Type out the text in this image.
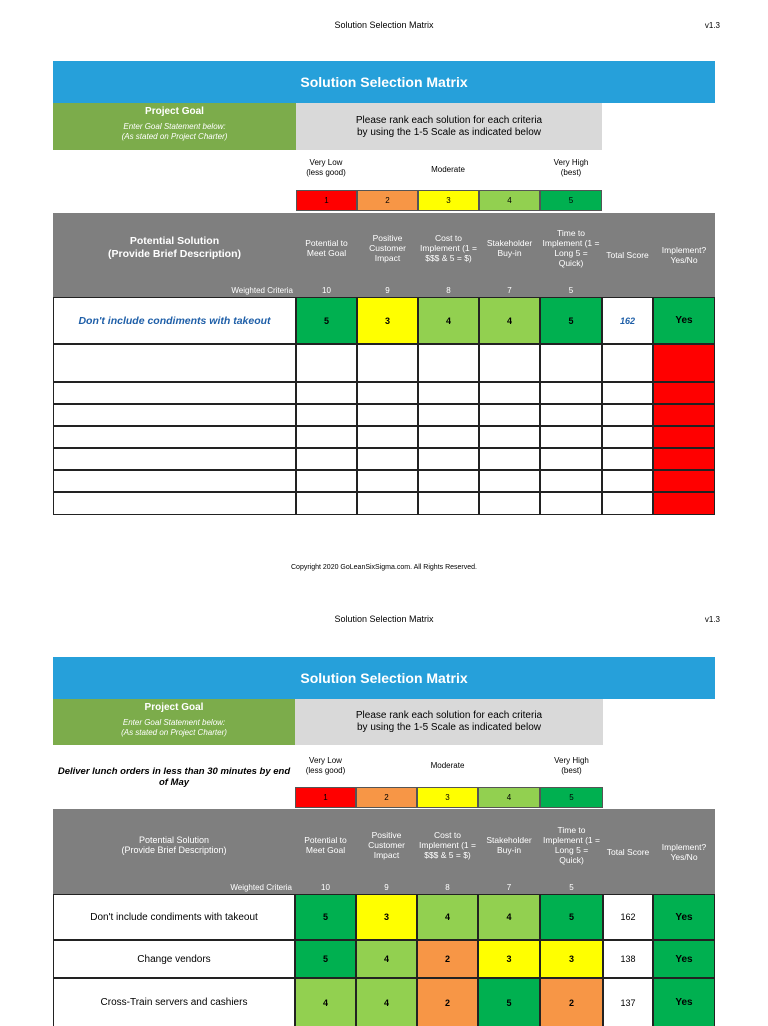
Solution Selection Matrix	v1.3
Solution Selection Matrix
Project Goal
Enter Goal Statement below:
(As stated on Project Charter)
Please rank each solution for each criteria
by using the 1-5 Scale as indicated below
Very Low
(less good)	Moderate
Very High
(best)
1	2	3	4	5
Potential Solution
(Provide Brief Description)
Potential to Meet Goal
Positive Customer Impact
Cost to Implement (1 = $$$ & 5 = $)
Stakeholder Buy-in
Time to Implement (1 = Long 5 = Quick)
Total Score	Implement? Yes/No
Weighted Criteria	10	9	8	7	5
Don't include condiments with takeout	5	3	4	4	5	162	Yes
Copyright 2020 GoLeanSixSigma.com. All Rights Reserved.
Solution Selection Matrix	v1.3
Solution Selection Matrix
Project Goal
Enter Goal Statement below:
(As stated on Project Charter)
Please rank each solution for each criteria
by using the 1-5 Scale as indicated below
Deliver lunch orders in less than 30 minutes by end of May
Very Low
(less good)
Moderate
Very High
(best)
1	2	3	4	5
Potential Solution
(Provide Brief Description)
Potential to Meet Goal
Positive Customer Impact
Cost to Implement (1 = $$$ & 5 = $)
Stakeholder Buy-in
Time to Implement (1 = Long 5 = Quick)
Total Score	Implement? Yes/No
Weighted Criteria	10	9	8	7	5
Don't include condiments with takeout	5	3	4	4	5	162	Yes
Change vendors	5	4	2	3	3	138	Yes
Cross-Train servers and cashiers	4	4	2	5	2	137	Yes
